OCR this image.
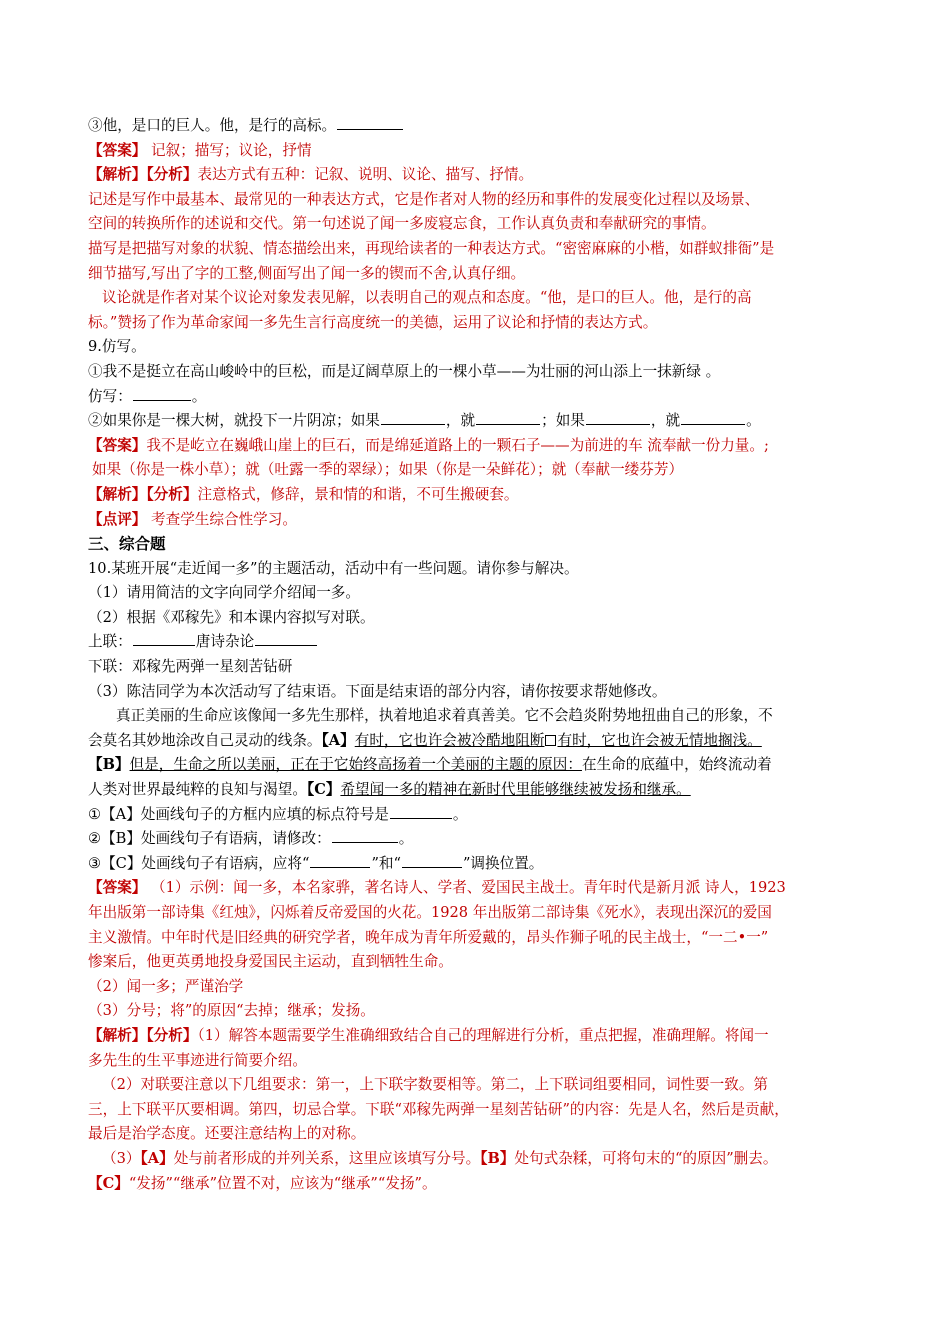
③他，是口的巨人。他，是行的高标。
【答案】 记叙；描写；议论，抒情
【解析】【分析】表达方式有五种：记叙、说明、议论、描写、抒情。
记述是写作中最基本、最常见的一种表达方式，它是作者对人物的经历和事件的发展变化过程以及场景、
空间的转换所作的述说和交代。第一句述说了闻一多废寝忘食，工作认真负责和奉献研究的事情。
描写是把描写对象的状貌、情态描绘出来，再现给读者的一种表达方式。“密密麻麻的小楷，如群蚁排衙”是
细节描写,写出了字的工整,侧面写出了闻一多的锲而不舍,认真仔细。
议论就是作者对某个议论对象发表见解，以表明自己的观点和态度。“他，是口的巨人。他，是行的高
标。”赞扬了作为革命家闻一多先生言行高度统一的美德，运用了议论和抒情的表达方式。
9.仿写。
①我不是挺立在高山峻岭中的巨松，而是辽阔草原上的一棵小草——为壮丽的河山添上一抹新绿 。
仿写：	。
②如果你是一棵大树，就投下一片阴凉；如果	，就	；如果	，就	。
【答案】我不是屹立在巍峨山崖上的巨石，而是绵延道路上的一颗石子——为前进的车 流奉献一份力量。;
如果（你是一株小草）；就（吐露一季的翠绿）；如果（你是一朵鲜花）；就（奉献一缕芬芳）
【解析】【分析】注意格式，修辞，景和情的和谐，不可生搬硬套。
【点评】 考查学生综合性学习。
三、综合题
10.某班开展“走近闻一多”的主题活动，活动中有一些问题。请你参与解决。
（1）请用简洁的文字向同学介绍闻一多。
（2）根据《邓稼先》和本课内容拟写对联。
上联：	唐诗杂论
下联：邓稼先两弹一星刻苦钻研
（3）陈洁同学为本次活动写了结束语。下面是结束语的部分内容，请你按要求帮她修改。
真正美丽的生命应该像闻一多先生那样，执着地追求着真善美。它不会趋炎附势地扭曲自己的形象，不
会莫名其妙地涂改自己灵动的线条。【A】有时，它也许会被冷酷地阻断 有时，它也许会被无情地搁浅。
【B】但是，生命之所以美丽，正在于它始终高扬着一个美丽的主题的原因：在生命的底蕴中，始终流动着
人类对世界最纯粹的良知与渴望。【C】希望闻一多的精神在新时代里能够继续被发扬和继承。
①【A】处画线句子的方框内应填的标点符号是	。
②【B】处画线句子有语病，请修改：	。
③【C】处画线句子有语病，应将“	”和“	”调换位置。
【答案】 （1）示例：闻一多，本名家骅，著名诗人、学者、爱国民主战士。青年时代是新月派 诗人，1923
年出版第一部诗集《红烛》，闪烁着反帝爱国的火花。1928 年出版第二部诗集《死水》，表现出深沉的爱国
主义激情。中年时代是旧经典的研究学者，晚年成为青年所爱戴的，昂头作狮子吼的民主战士，“一二•一”
惨案后，他更英勇地投身爱国民主运动，直到牺牲生命。
（2）闻一多；严谨治学
（3）分号；将”的原因“去掉；继承；发扬。
【解析】【分析】（1）解答本题需要学生准确细致结合自己的理解进行分析，重点把握，准确理解。将闻一
多先生的生平事迹进行简要介绍。
（2）对联要注意以下几组要求：第一，上下联字数要相等。第二，上下联词组要相同，词性要一致。第
三，上下联平仄要相调。第四，切忌合掌。下联“邓稼先两弹一星刻苦钻研”的内容：先是人名，然后是贡献，
最后是治学态度。还要注意结构上的对称。
（3）【A】处与前者形成的并列关系，这里应该填写分号。【B】处句式杂糅，可将句末的“的原因”删去。
【C】“发扬”“继承”位置不对，应该为“继承”“发扬”。
